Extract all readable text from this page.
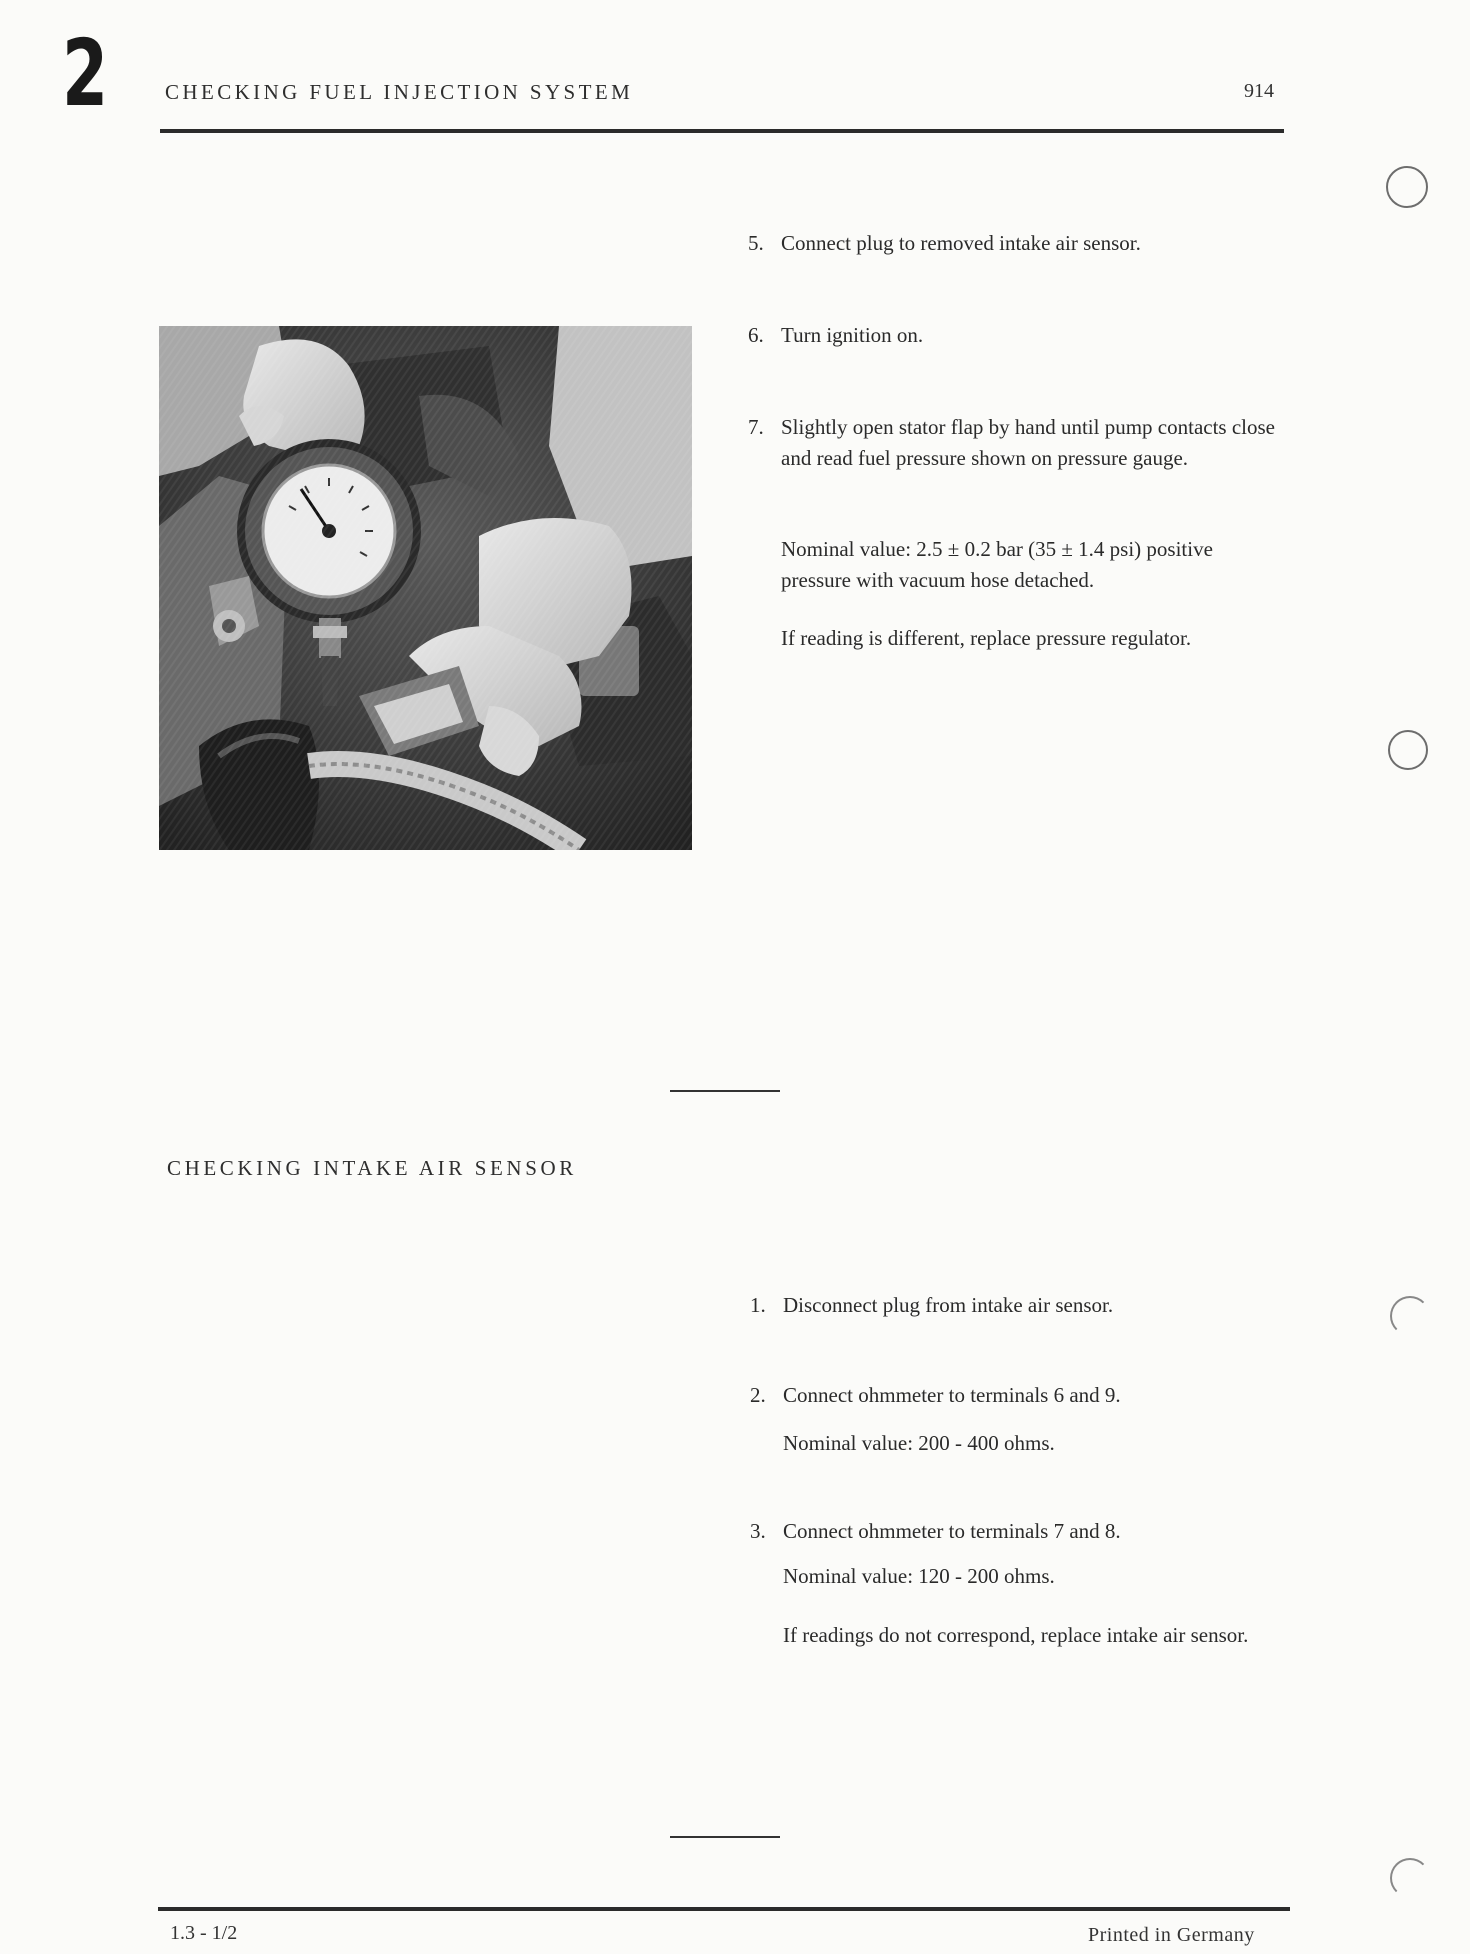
2	CHECKING FUEL INJECTION SYSTEM	914
5. Connect plug to removed intake air sensor.
6. Turn ignition on.
7. Slightly open stator flap by hand until pump contacts close and read fuel pressure shown on pressure gauge.
Nominal value: 2.5 ± 0.2 bar (35 ± 1.4 psi) positive pressure with vacuum hose detached.
If reading is different, replace pressure regulator.
CHECKING INTAKE AIR SENSOR
1. Disconnect plug from intake air sensor.
2. Connect ohmmeter to terminals 6 and 9.
Nominal value: 200 - 400 ohms.
3. Connect ohmmeter to terminals 7 and 8.
Nominal value: 120 - 200 ohms.
If readings do not correspond, replace intake air sensor.
1.3 - 1/2	Printed in Germany
